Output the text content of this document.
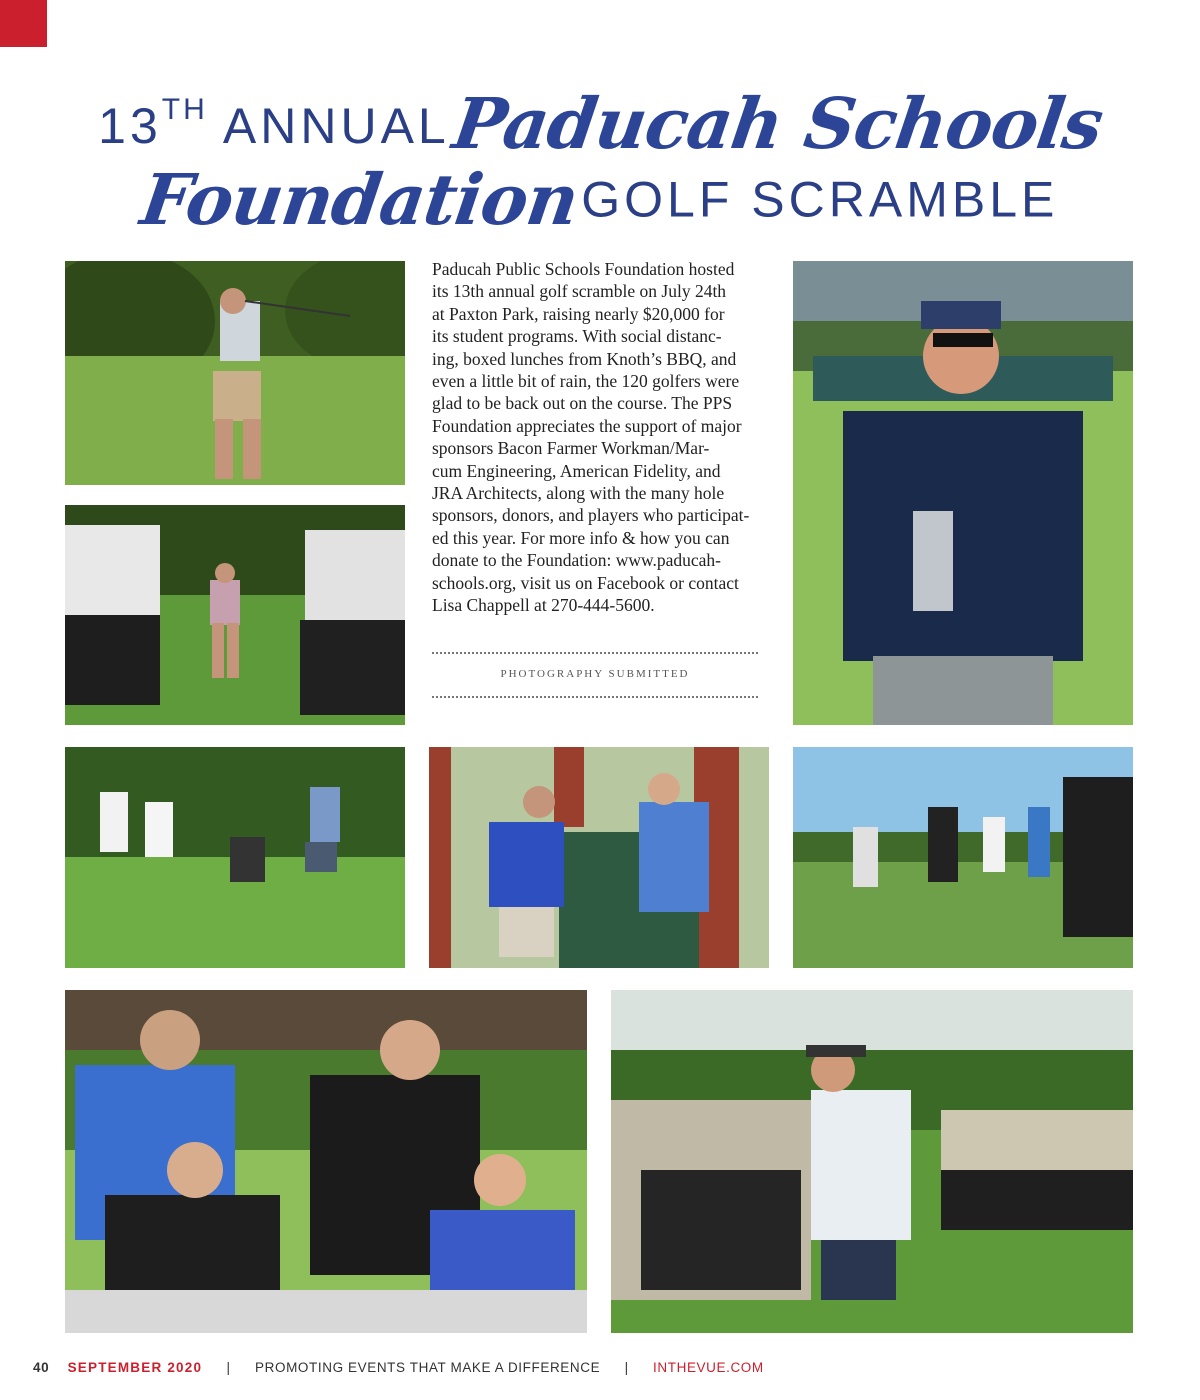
13TH ANNUAL Paducah Schools
Foundation GOLF SCRAMBLE
Paducah Public Schools Foundation hosted
its 13th annual golf scramble on July 24th
at Paxton Park, raising nearly $20,000 for
its student programs. With social distanc-
ing, boxed lunches from Knoth’s BBQ, and
even a little bit of rain, the 120 golfers were
glad to be back out on the course. The PPS
Foundation appreciates the support of major
sponsors Bacon Farmer Workman/Mar-
cum Engineering, American Fidelity, and
JRA Architects, along with the many hole
sponsors, donors, and players who participat-
ed this year. For more info & how you can
donate to the Foundation: www.paducah-
schools.org, visit us on Facebook or contact
Lisa Chappell at 270-444-5600.
PHOTOGRAPHY SUBMITTED
40 SEPTEMBER 2020 | PROMOTING EVENTS THAT MAKE A DIFFERENCE | INTHEVUE.COM
